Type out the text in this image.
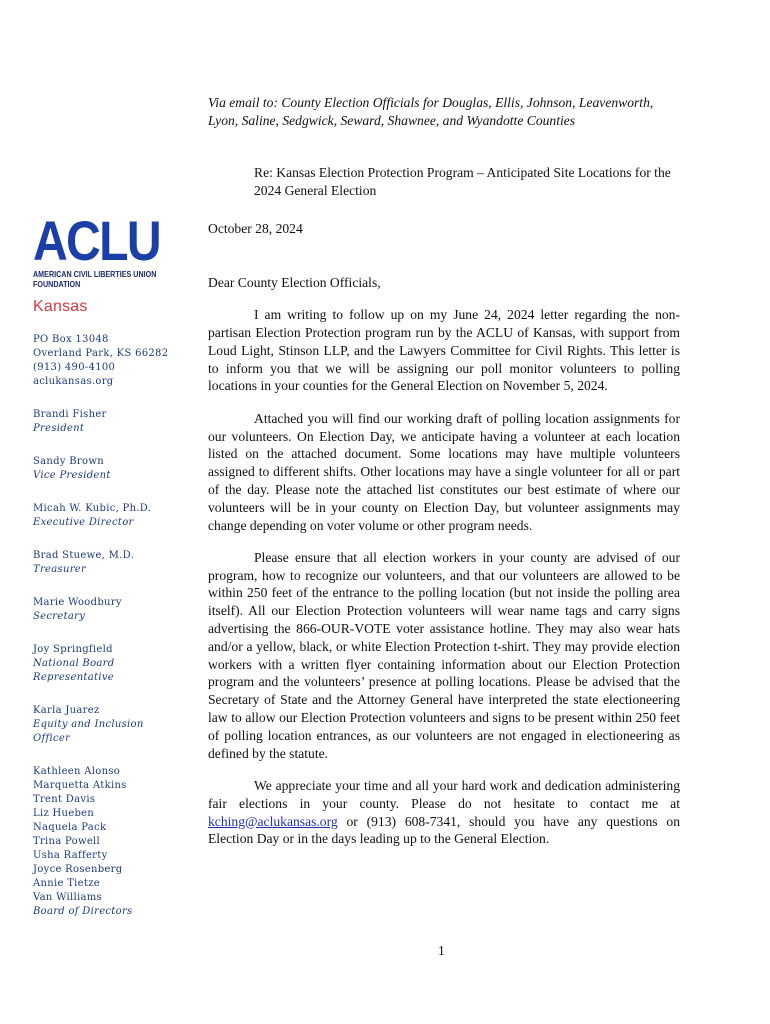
Via email to: County Election Officials for Douglas, Ellis, Johnson, Leavenworth, Lyon, Saline, Sedgwick, Seward, Shawnee, and Wyandotte Counties
Re: Kansas Election Protection Program – Anticipated Site Locations for the 2024 General Election
October 28, 2024
ACLU
AMERICAN CIVIL LIBERTIES UNION
FOUNDATION
Kansas
PO Box 13048
Overland Park, KS 66282
(913) 490-4100
aclukansas.org
Brandi Fisher
President
Sandy Brown
Vice President
Micah W. Kubic, Ph.D.
Executive Director
Brad Stuewe, M.D.
Treasurer
Marie Woodbury
Secretary
Joy Springfield
National Board
Representative
Karla Juarez
Equity and Inclusion
Officer
Kathleen Alonso
Marquetta Atkins
Trent Davis
Liz Hueben
Naquela Pack
Trina Powell
Usha Rafferty
Joyce Rosenberg
Annie Tietze
Van Williams
Board of Directors

Dear County Election Officials,

I am writing to follow up on my June 24, 2024 letter regarding the non-partisan Election Protection program run by the ACLU of Kansas, with support from Loud Light, Stinson LLP, and the Lawyers Committee for Civil Rights. This letter is to inform you that we will be assigning our poll monitor volunteers to polling locations in your counties for the General Election on November 5, 2024.

Attached you will find our working draft of polling location assignments for our volunteers. On Election Day, we anticipate having a volunteer at each location listed on the attached document. Some locations may have multiple volunteers assigned to different shifts. Other locations may have a single volunteer for all or part of the day. Please note the attached list constitutes our best estimate of where our volunteers will be in your county on Election Day, but volunteer assignments may change depending on voter volume or other program needs.

Please ensure that all election workers in your county are advised of our program, how to recognize our volunteers, and that our volunteers are allowed to be within 250 feet of the entrance to the polling location (but not inside the polling area itself). All our Election Protection volunteers will wear name tags and carry signs advertising the 866-OUR-VOTE voter assistance hotline. They may also wear hats and/or a yellow, black, or white Election Protection t-shirt. They may provide election workers with a written flyer containing information about our Election Protection program and the volunteers’ presence at polling locations. Please be advised that the Secretary of State and the Attorney General have interpreted the state electioneering law to allow our Election Protection volunteers and signs to be present within 250 feet of polling location entrances, as our volunteers are not engaged in electioneering as defined by the statute.

We appreciate your time and all your hard work and dedication administering fair elections in your county. Please do not hesitate to contact me at kching@aclukansas.org or (913) 608-7341, should you have any questions on Election Day or in the days leading up to the General Election.

1
